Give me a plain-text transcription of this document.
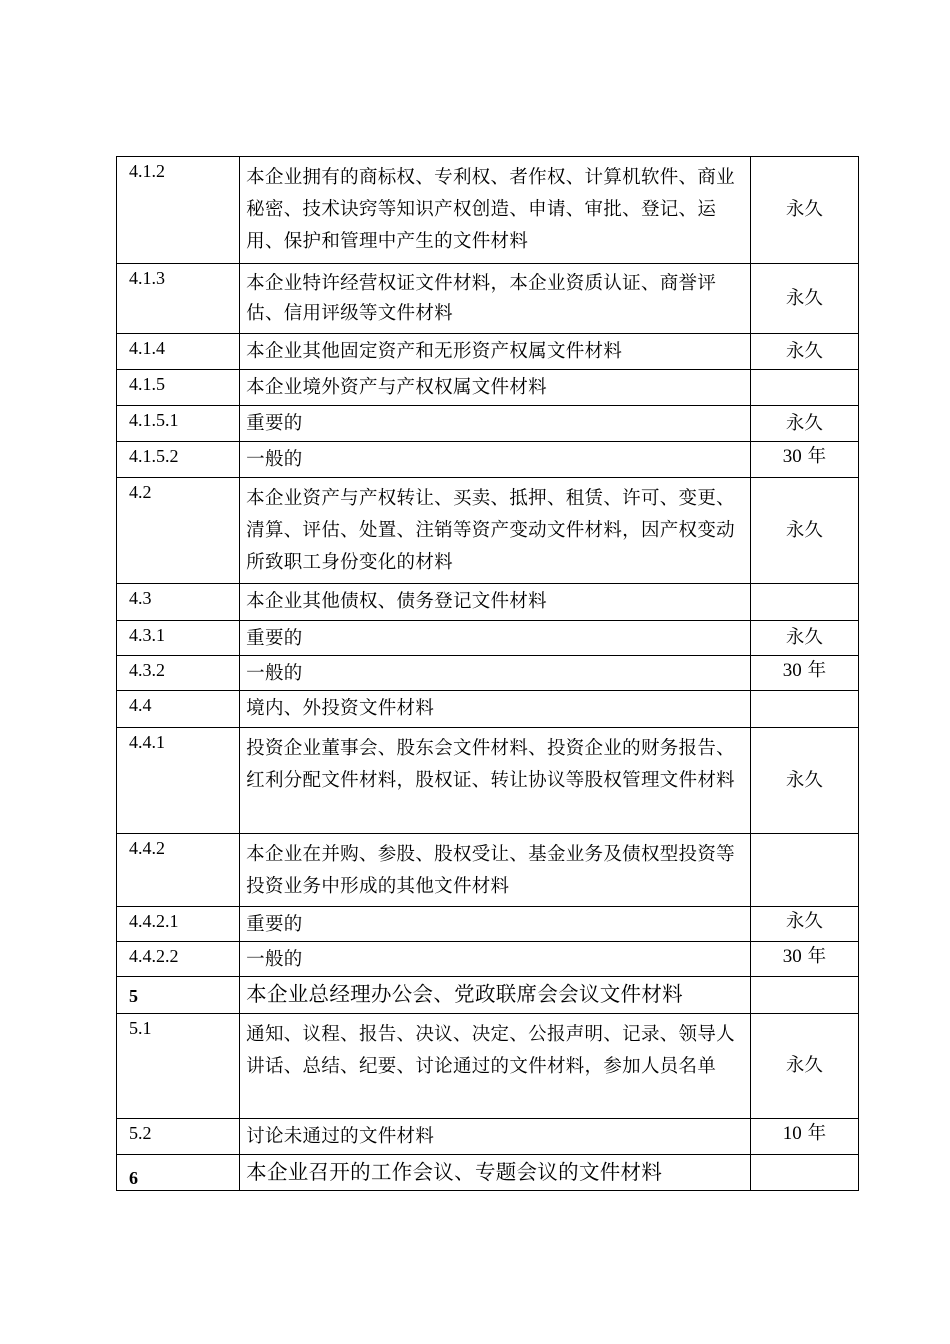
4.1.2	本企业拥有的商标权、专利权、者作权、计算机软件、商业秘密、技术诀窍等知识产权创造、申请、审批、登记、运用、保护和管理中产生的文件材料	永久
4.1.3	本企业特许经营权证文件材料，本企业资质认证、商誉评估、信用评级等文件材料	永久
4.1.4	本企业其他固定资产和无形资产权属文件材料	永久
4.1.5	本企业境外资产与产权权属文件材料	
4.1.5.1	重要的	永久
4.1.5.2	一般的	30 年
4.2	本企业资产与产权转让、买卖、抵押、租赁、许可、变更、清算、评估、处置、注销等资产变动文件材料，因产权变动所致职工身份变化的材料	永久
4.3	本企业其他债权、债务登记文件材料	
4.3.1	重要的	永久
4.3.2	一般的	30 年
4.4	境内、外投资文件材料	
4.4.1	投资企业董事会、股东会文件材料、投资企业的财务报告、红利分配文件材料，股权证、转让协议等股权管理文件材料	永久
4.4.2	本企业在并购、参股、股权受让、基金业务及债权型投资等投资业务中形成的其他文件材料	
4.4.2.1	重要的	永久
4.4.2.2	一般的	30 年
5	本企业总经理办公会、党政联席会会议文件材料	
5.1	通知、议程、报告、决议、决定、公报声明、记录、领导人讲话、总结、纪要、讨论通过的文件材料，参加人员名单	永久
5.2	讨论未通过的文件材料	10 年
6	本企业召开的工作会议、专题会议的文件材料	
